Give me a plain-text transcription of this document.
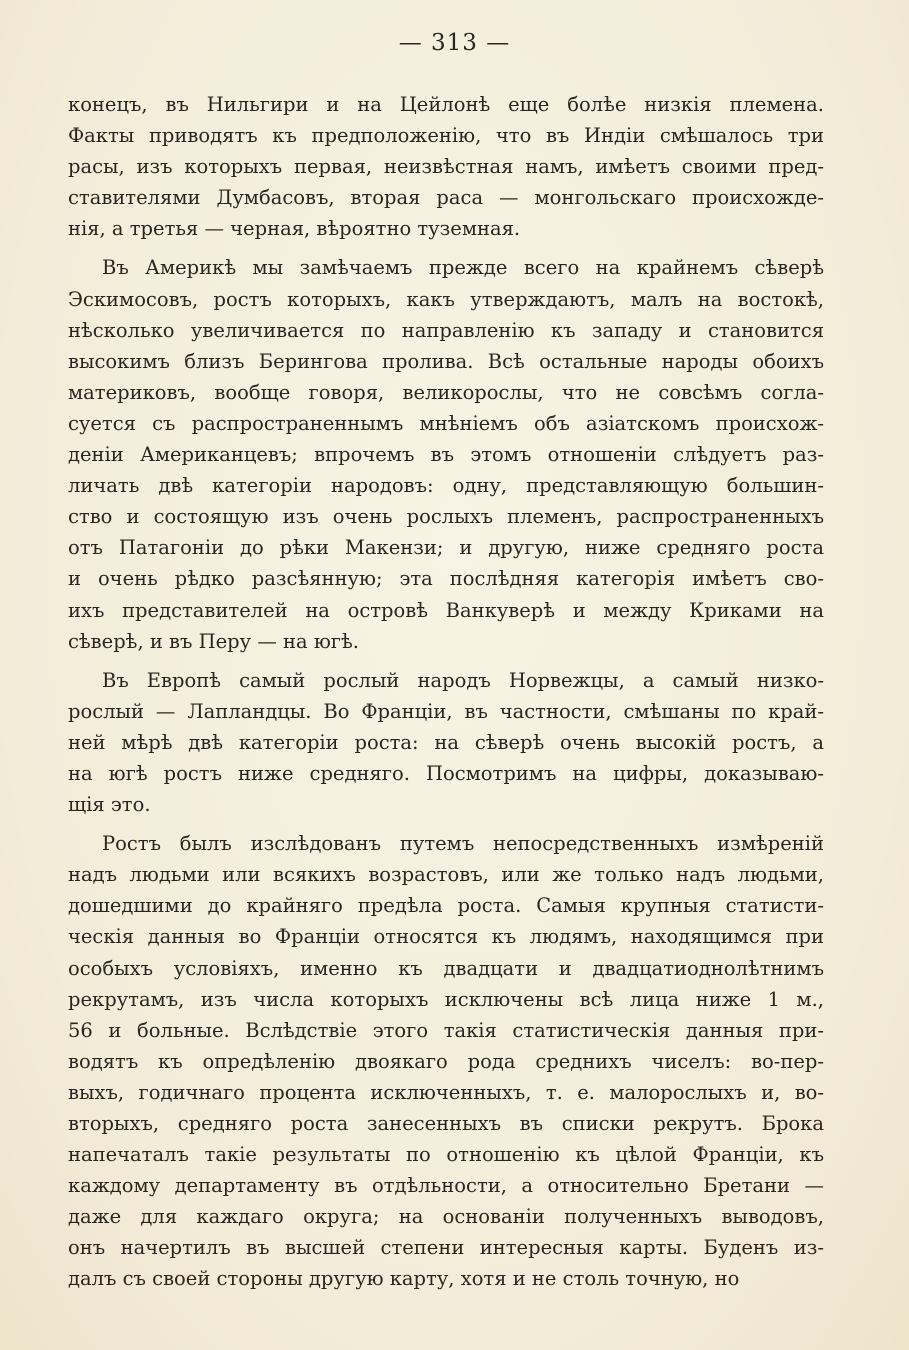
— 313 —
конецъ, въ Нильгири и на Цейлонѣ еще болѣе низкія племена.
Факты приводятъ къ предположенію, что въ Индіи смѣшалось три
расы, изъ которыхъ первая, неизвѣстная намъ, имѣетъ своими пред-
ставителями Думбасовъ, вторая раса — монгольскаго происхожде-
нія, а третья — черная, вѣроятно туземная.
Въ Америкѣ мы замѣчаемъ прежде всего на крайнемъ сѣверѣ
Эскимосовъ, ростъ которыхъ, какъ утверждаютъ, малъ на востокѣ,
нѣсколько увеличивается по направленію къ западу и становится
высокимъ близъ Берингова пролива. Всѣ остальные народы обоихъ
материковъ, вообще говоря, великорослы, что не совсѣмъ согла-
суется съ распространеннымъ мнѣніемъ объ азіатскомъ происхож-
деніи Американцевъ; впрочемъ въ этомъ отношеніи слѣдуетъ раз-
личать двѣ категоріи народовъ: одну, представляющую большин-
ство и состоящую изъ очень рослыхъ племенъ, распространенныхъ
отъ Патагоніи до рѣки Макензи; и другую, ниже средняго роста
и очень рѣдко разсѣянную; эта послѣдняя категорія имѣетъ сво-
ихъ представителей на островѣ Ванкуверѣ и между Криками на
сѣверѣ, и въ Перу — на югѣ.
Въ Европѣ самый рослый народъ Норвежцы, а самый низко-
рослый — Лапландцы. Во Франціи, въ частности, смѣшаны по край-
ней мѣрѣ двѣ категоріи роста: на сѣверѣ очень высокій ростъ, а
на югѣ ростъ ниже средняго. Посмотримъ на цифры, доказываю-
щія это.
Ростъ былъ изслѣдованъ путемъ непосредственныхъ измѣреній
надъ людьми или всякихъ возрастовъ, или же только надъ людьми,
дошедшими до крайняго предѣла роста. Самыя крупныя статисти-
ческія данныя во Франціи относятся къ людямъ, находящимся при
особыхъ условіяхъ, именно къ двадцати и двадцатиоднолѣтнимъ
рекрутамъ, изъ числа которыхъ исключены всѣ лица ниже 1 м.,
56 и больные. Вслѣдствіе этого такія статистическія данныя при-
водятъ къ опредѣленію двоякаго рода среднихъ чиселъ: во-пер-
выхъ, годичнаго процента исключенныхъ, т. е. малорослыхъ и, во-
вторыхъ, средняго роста занесенныхъ въ списки рекрутъ. Брока
напечаталъ такіе результаты по отношенію къ цѣлой Франціи, къ
каждому департаменту въ отдѣльности, а относительно Бретани —
даже для каждаго округа; на основаніи полученныхъ выводовъ,
онъ начертилъ въ высшей степени интересныя карты. Буденъ из-
далъ съ своей стороны другую карту, хотя и не столь точную, но
